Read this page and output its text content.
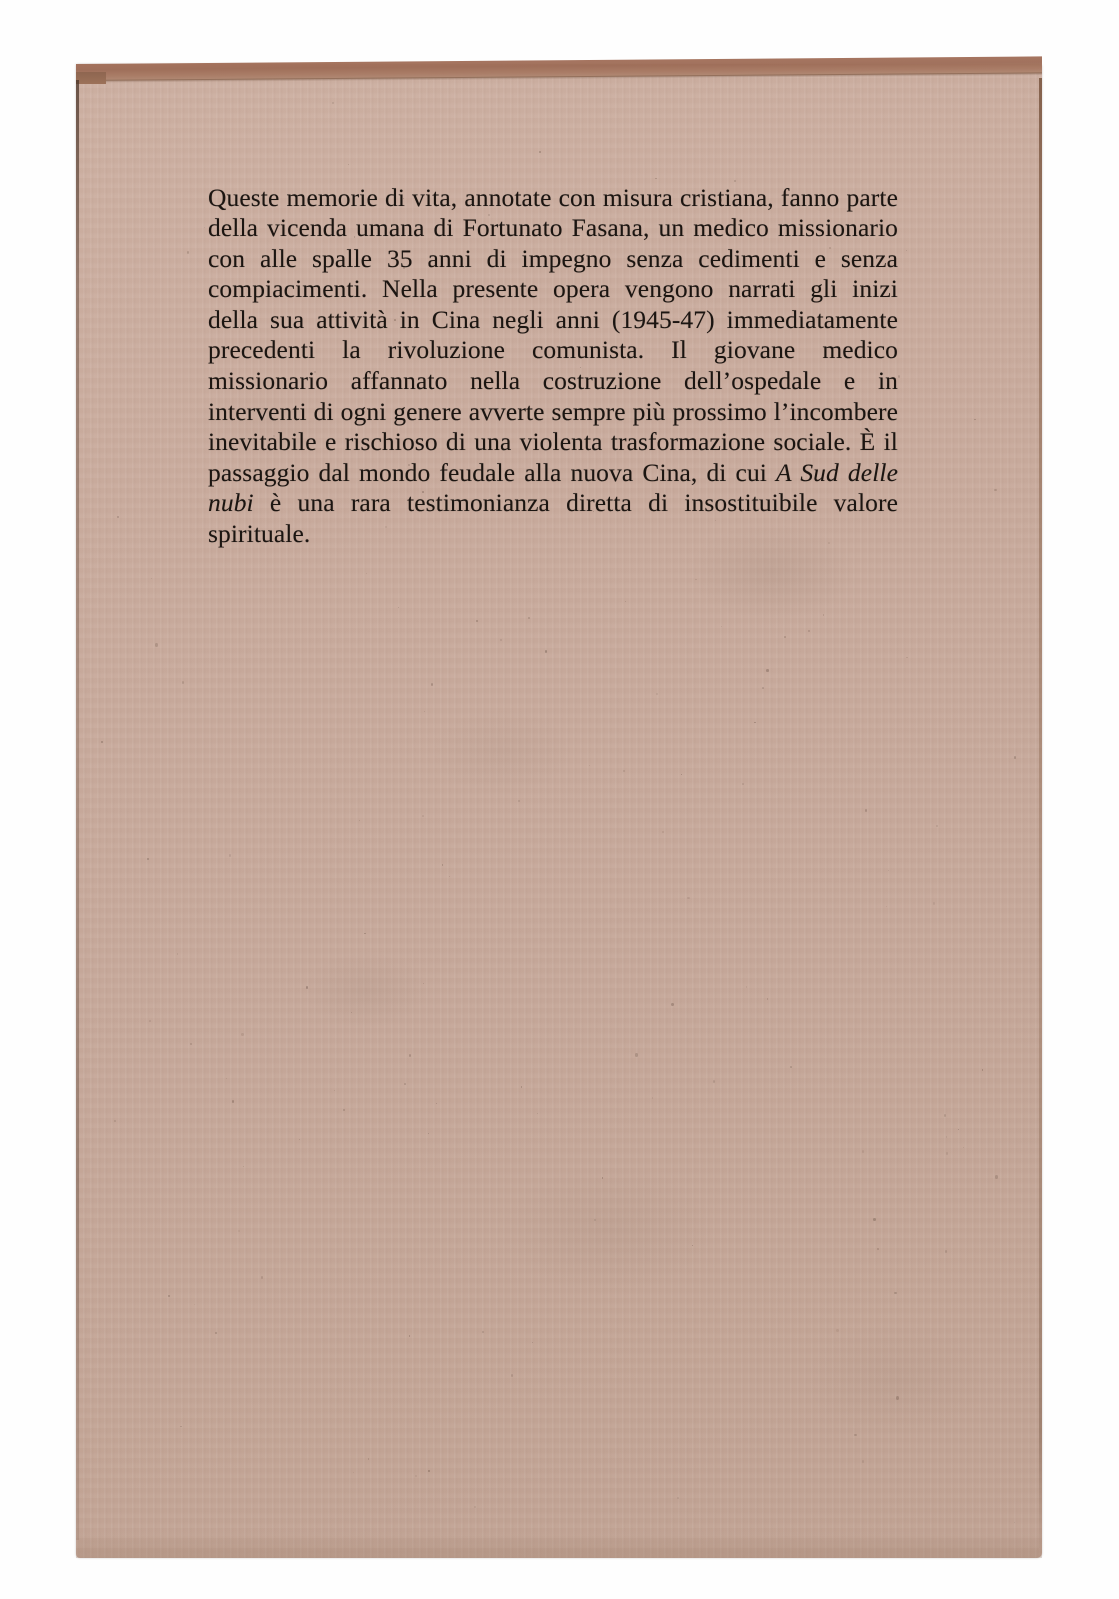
Queste memorie di vita, annotate con misura cristiana, fanno parte della vicenda umana di Fortunato Fasana, un medico missionario con alle spalle 35 anni di impegno senza cedimenti e senza compiacimenti. Nella presente opera vengono narrati gli inizi della sua attività in Cina negli anni (1945-47) immediatamente precedenti la rivoluzione comunista. Il giovane medico missionario affannato nella costruzione dell’ospedale e in interventi di ogni genere avverte sempre più prossimo l’incombere inevitabile e rischioso di una violenta trasformazione sociale. È il passaggio dal mondo feudale alla nuova Cina, di cui A Sud delle nubi è una rara testimonianza diretta di insostituibile valore spirituale.
